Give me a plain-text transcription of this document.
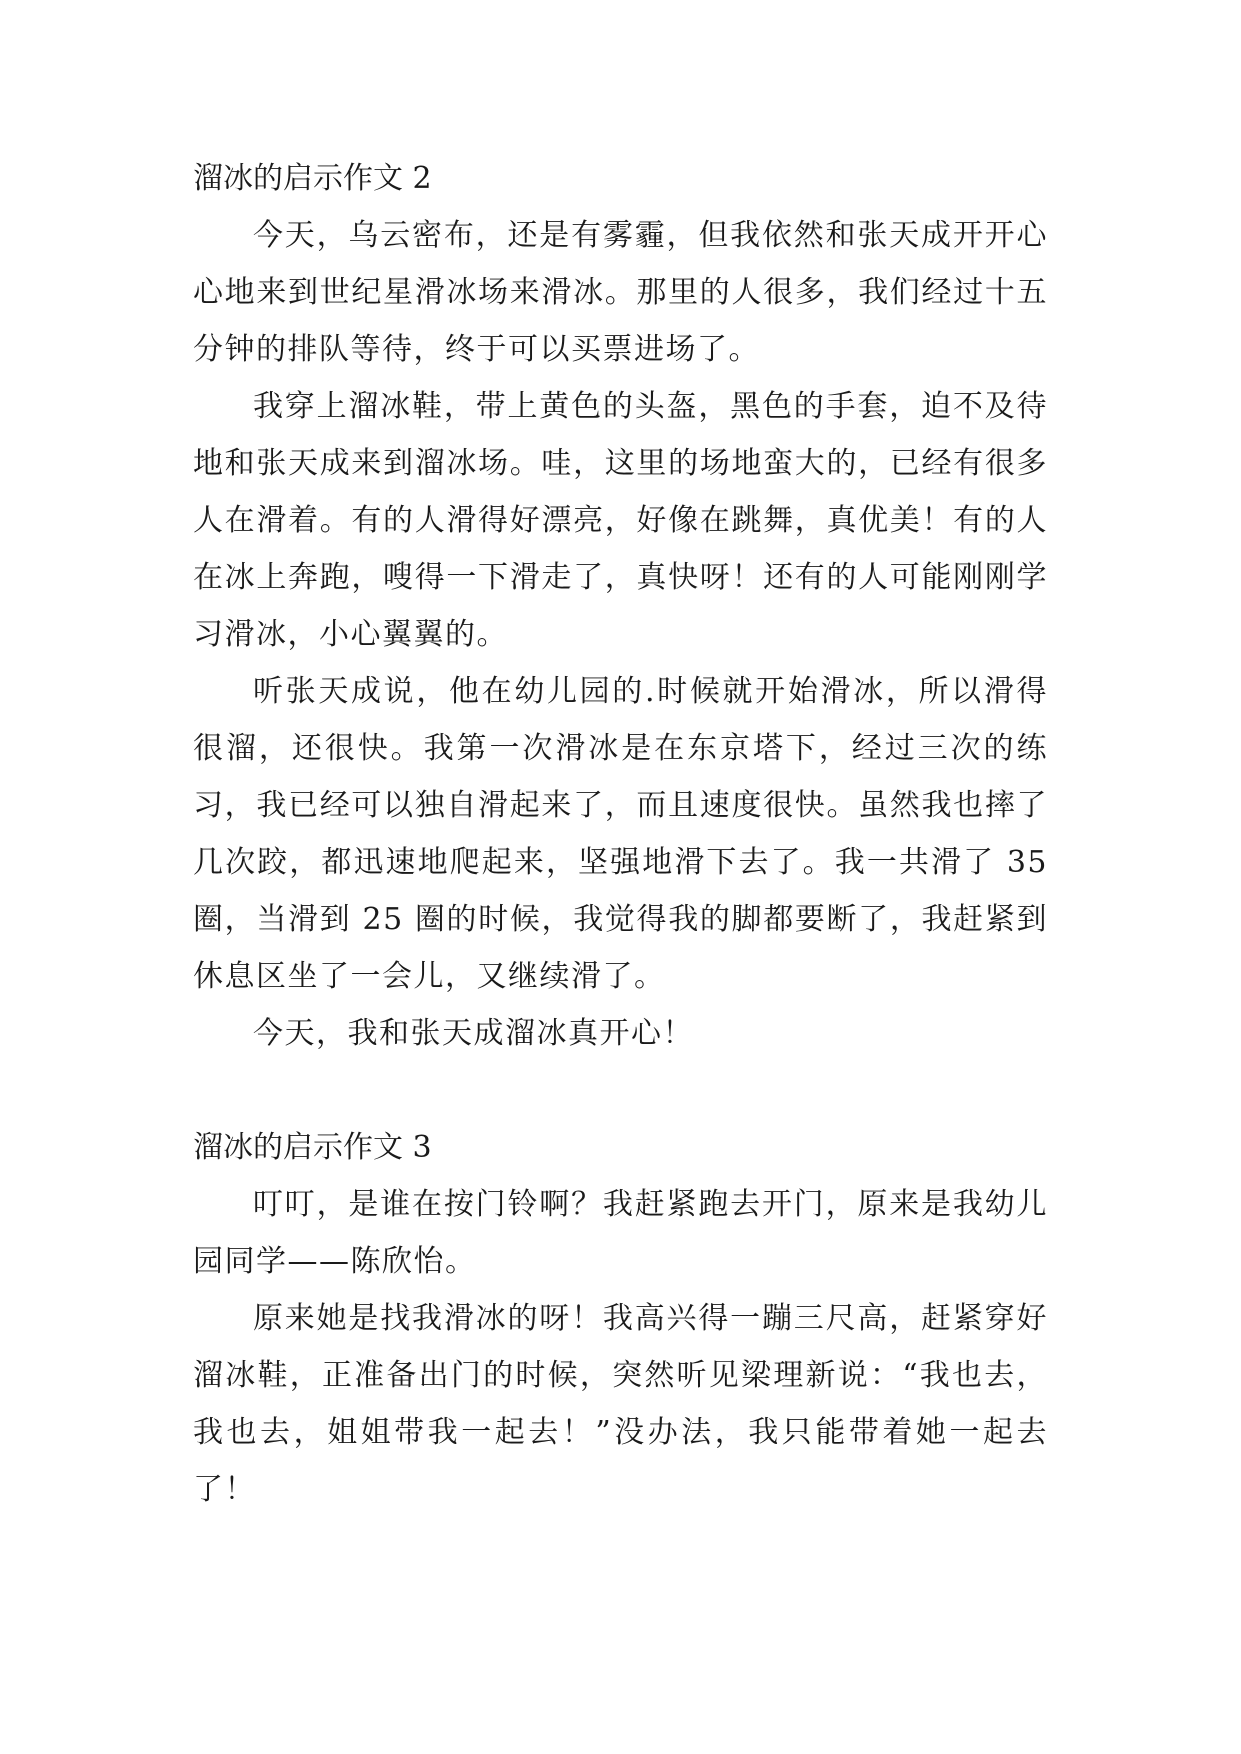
溜冰的启示作文 2

今天，乌云密布，还是有雾霾，但我依然和张天成开开心心地来到世纪星滑冰场来滑冰。那里的人很多，我们经过十五分钟的排队等待，终于可以买票进场了。

我穿上溜冰鞋，带上黄色的头盔，黑色的手套，迫不及待地和张天成来到溜冰场。哇，这里的场地蛮大的，已经有很多人在滑着。有的人滑得好漂亮，好像在跳舞，真优美！有的人在冰上奔跑，嗖得一下滑走了，真快呀！还有的人可能刚刚学习滑冰，小心翼翼的。

听张天成说，他在幼儿园的.时候就开始滑冰，所以滑得很溜，还很快。我第一次滑冰是在东京塔下，经过三次的练习，我已经可以独自滑起来了，而且速度很快。虽然我也摔了几次跤，都迅速地爬起来，坚强地滑下去了。我一共滑了 35 圈，当滑到 25 圈的时候，我觉得我的脚都要断了，我赶紧到休息区坐了一会儿，又继续滑了。

今天，我和张天成溜冰真开心！

溜冰的启示作文 3

叮叮，是谁在按门铃啊？我赶紧跑去开门，原来是我幼儿园同学——陈欣怡。

原来她是找我滑冰的呀！我高兴得一蹦三尺高，赶紧穿好溜冰鞋，正准备出门的时候，突然听见梁理新说：“我也去，我也去，姐姐带我一起去！”没办法，我只能带着她一起去了！
